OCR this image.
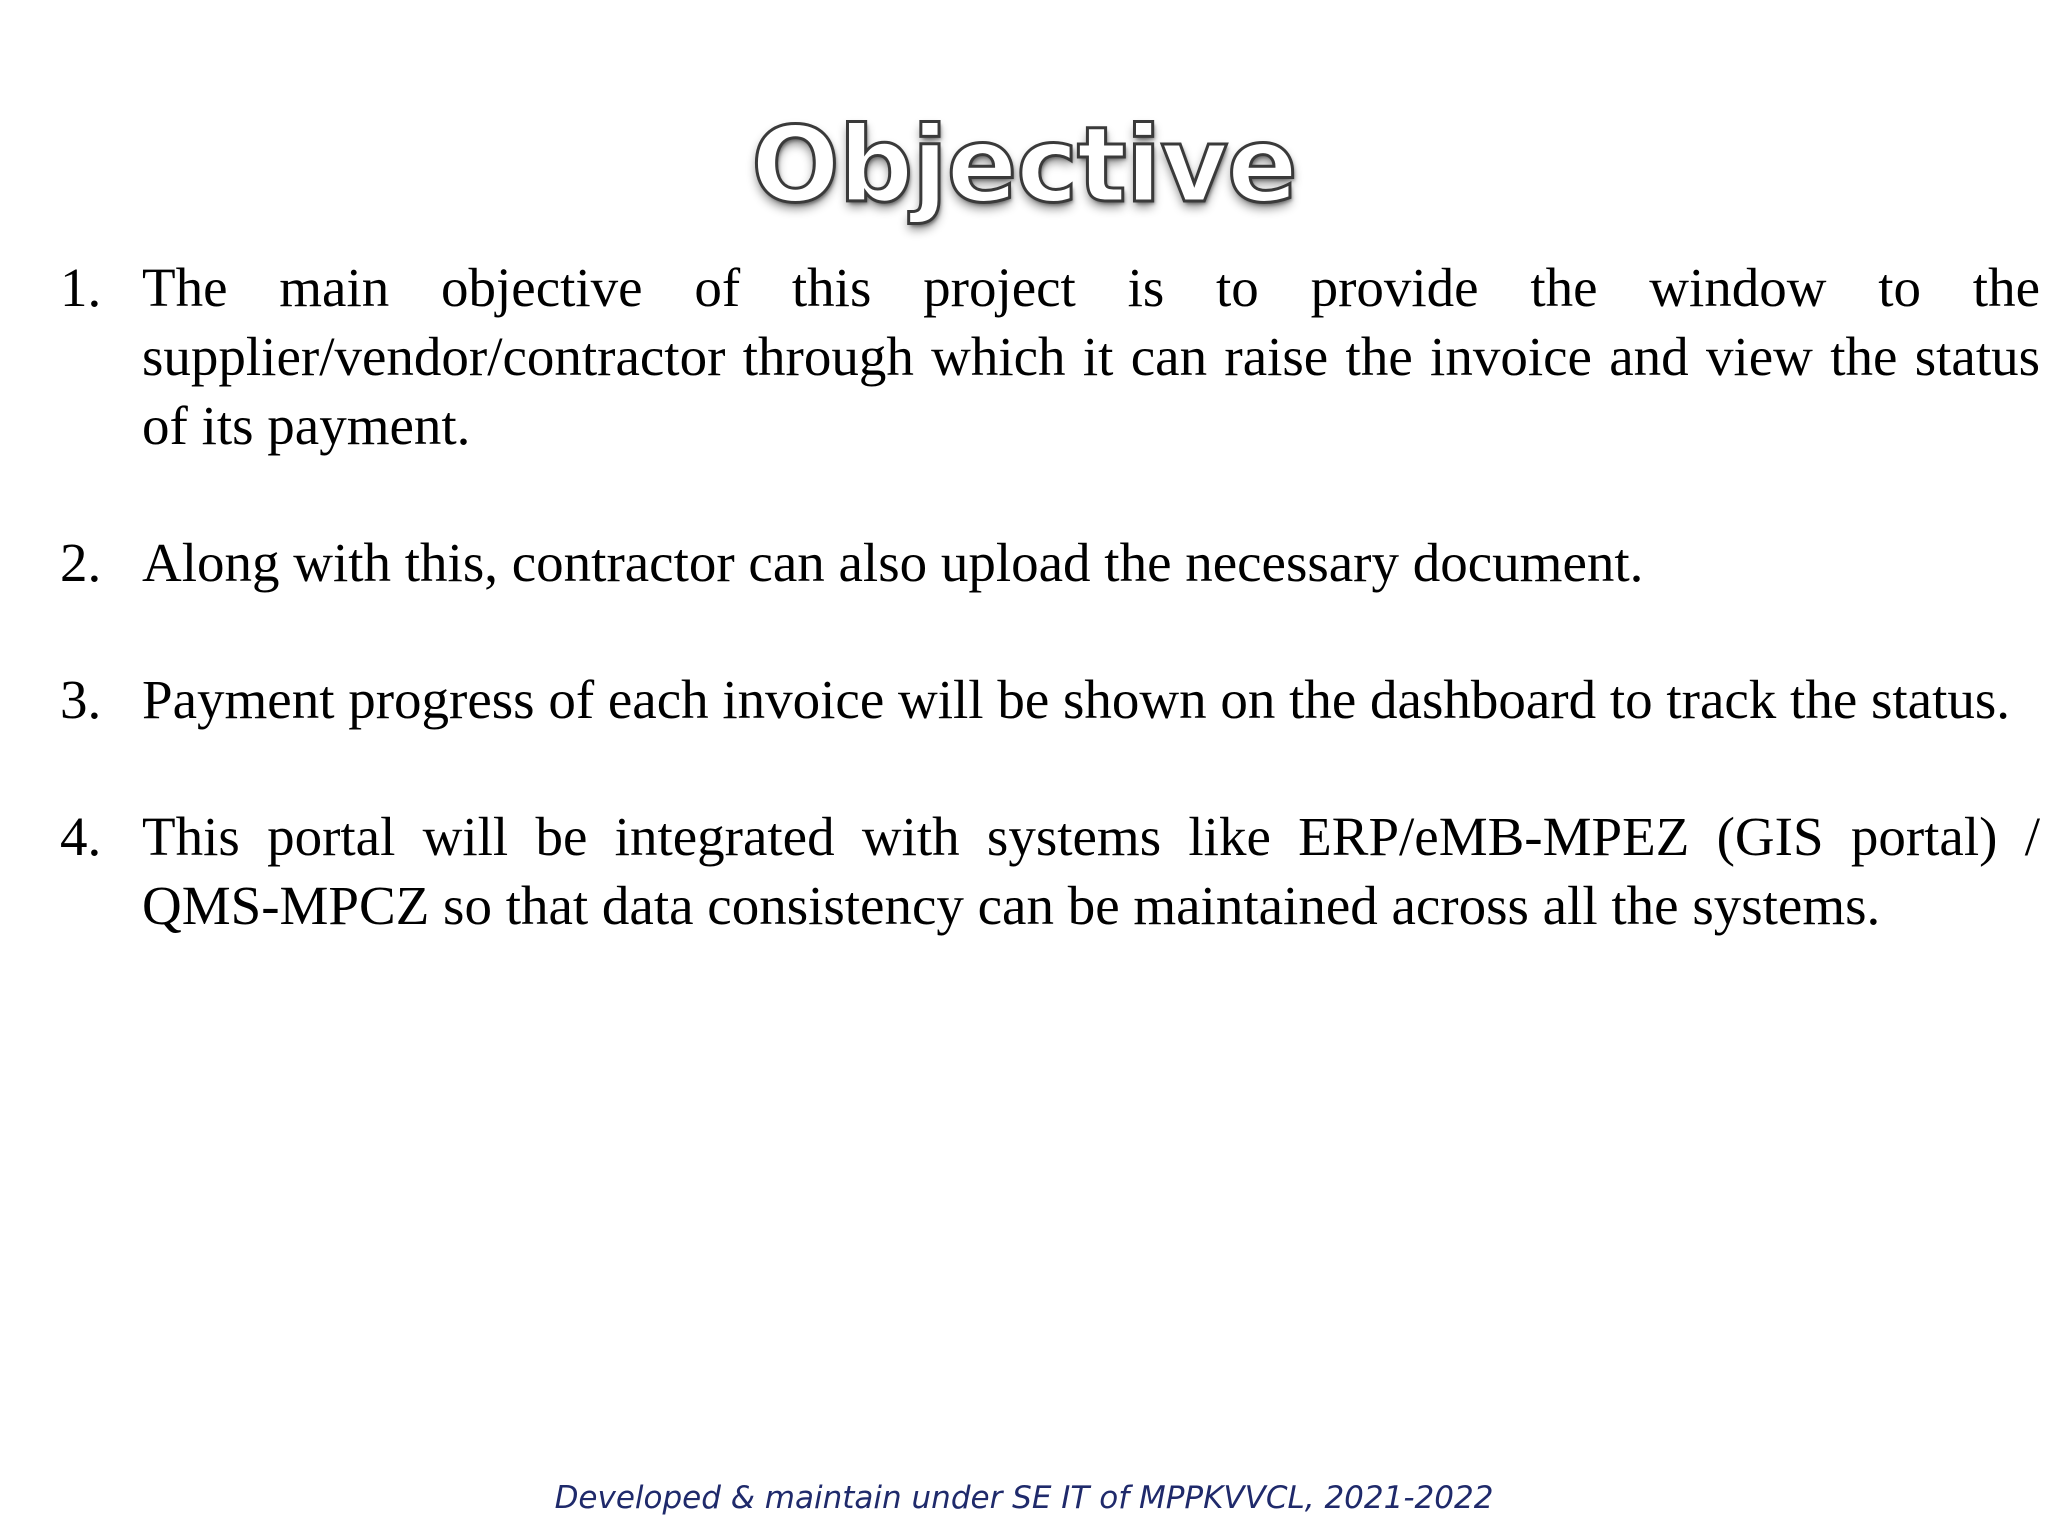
Objective
1. The main objective of this project is to provide the window to the supplier/vendor/contractor through which it can raise the invoice and view the status of its payment.
2. Along with this, contractor can also upload the necessary document.
3. Payment progress of each invoice will be shown on the dashboard to track the status.
4. This portal will be integrated with systems like ERP/eMB-MPEZ (GIS portal) / QMS-MPCZ so that data consistency can be maintained across all the systems.
Developed & maintain under SE IT of MPPKVVCL, 2021-2022
